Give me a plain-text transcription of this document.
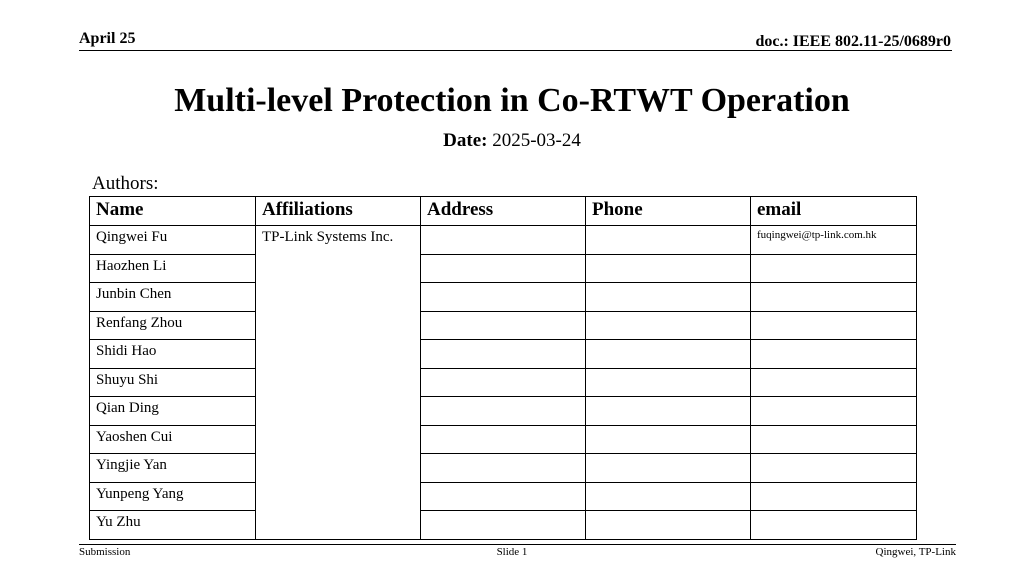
April 25	doc.: IEEE 802.11-25/0689r0
Multi-level Protection in Co-RTWT Operation
Date: 2025-03-24
Authors:
Name	Affiliations	Address	Phone	email
Qingwei Fu	TP-Link Systems Inc.			fuqingwei@tp-link.com.hk
Haozhen Li				
Junbin Chen				
Renfang Zhou				
Shidi Hao				
Shuyu Shi				
Qian Ding				
Yaoshen Cui				
Yingjie Yan				
Yunpeng Yang				
Yu Zhu				
Submission	Slide 1	Qingwei, TP-Link
